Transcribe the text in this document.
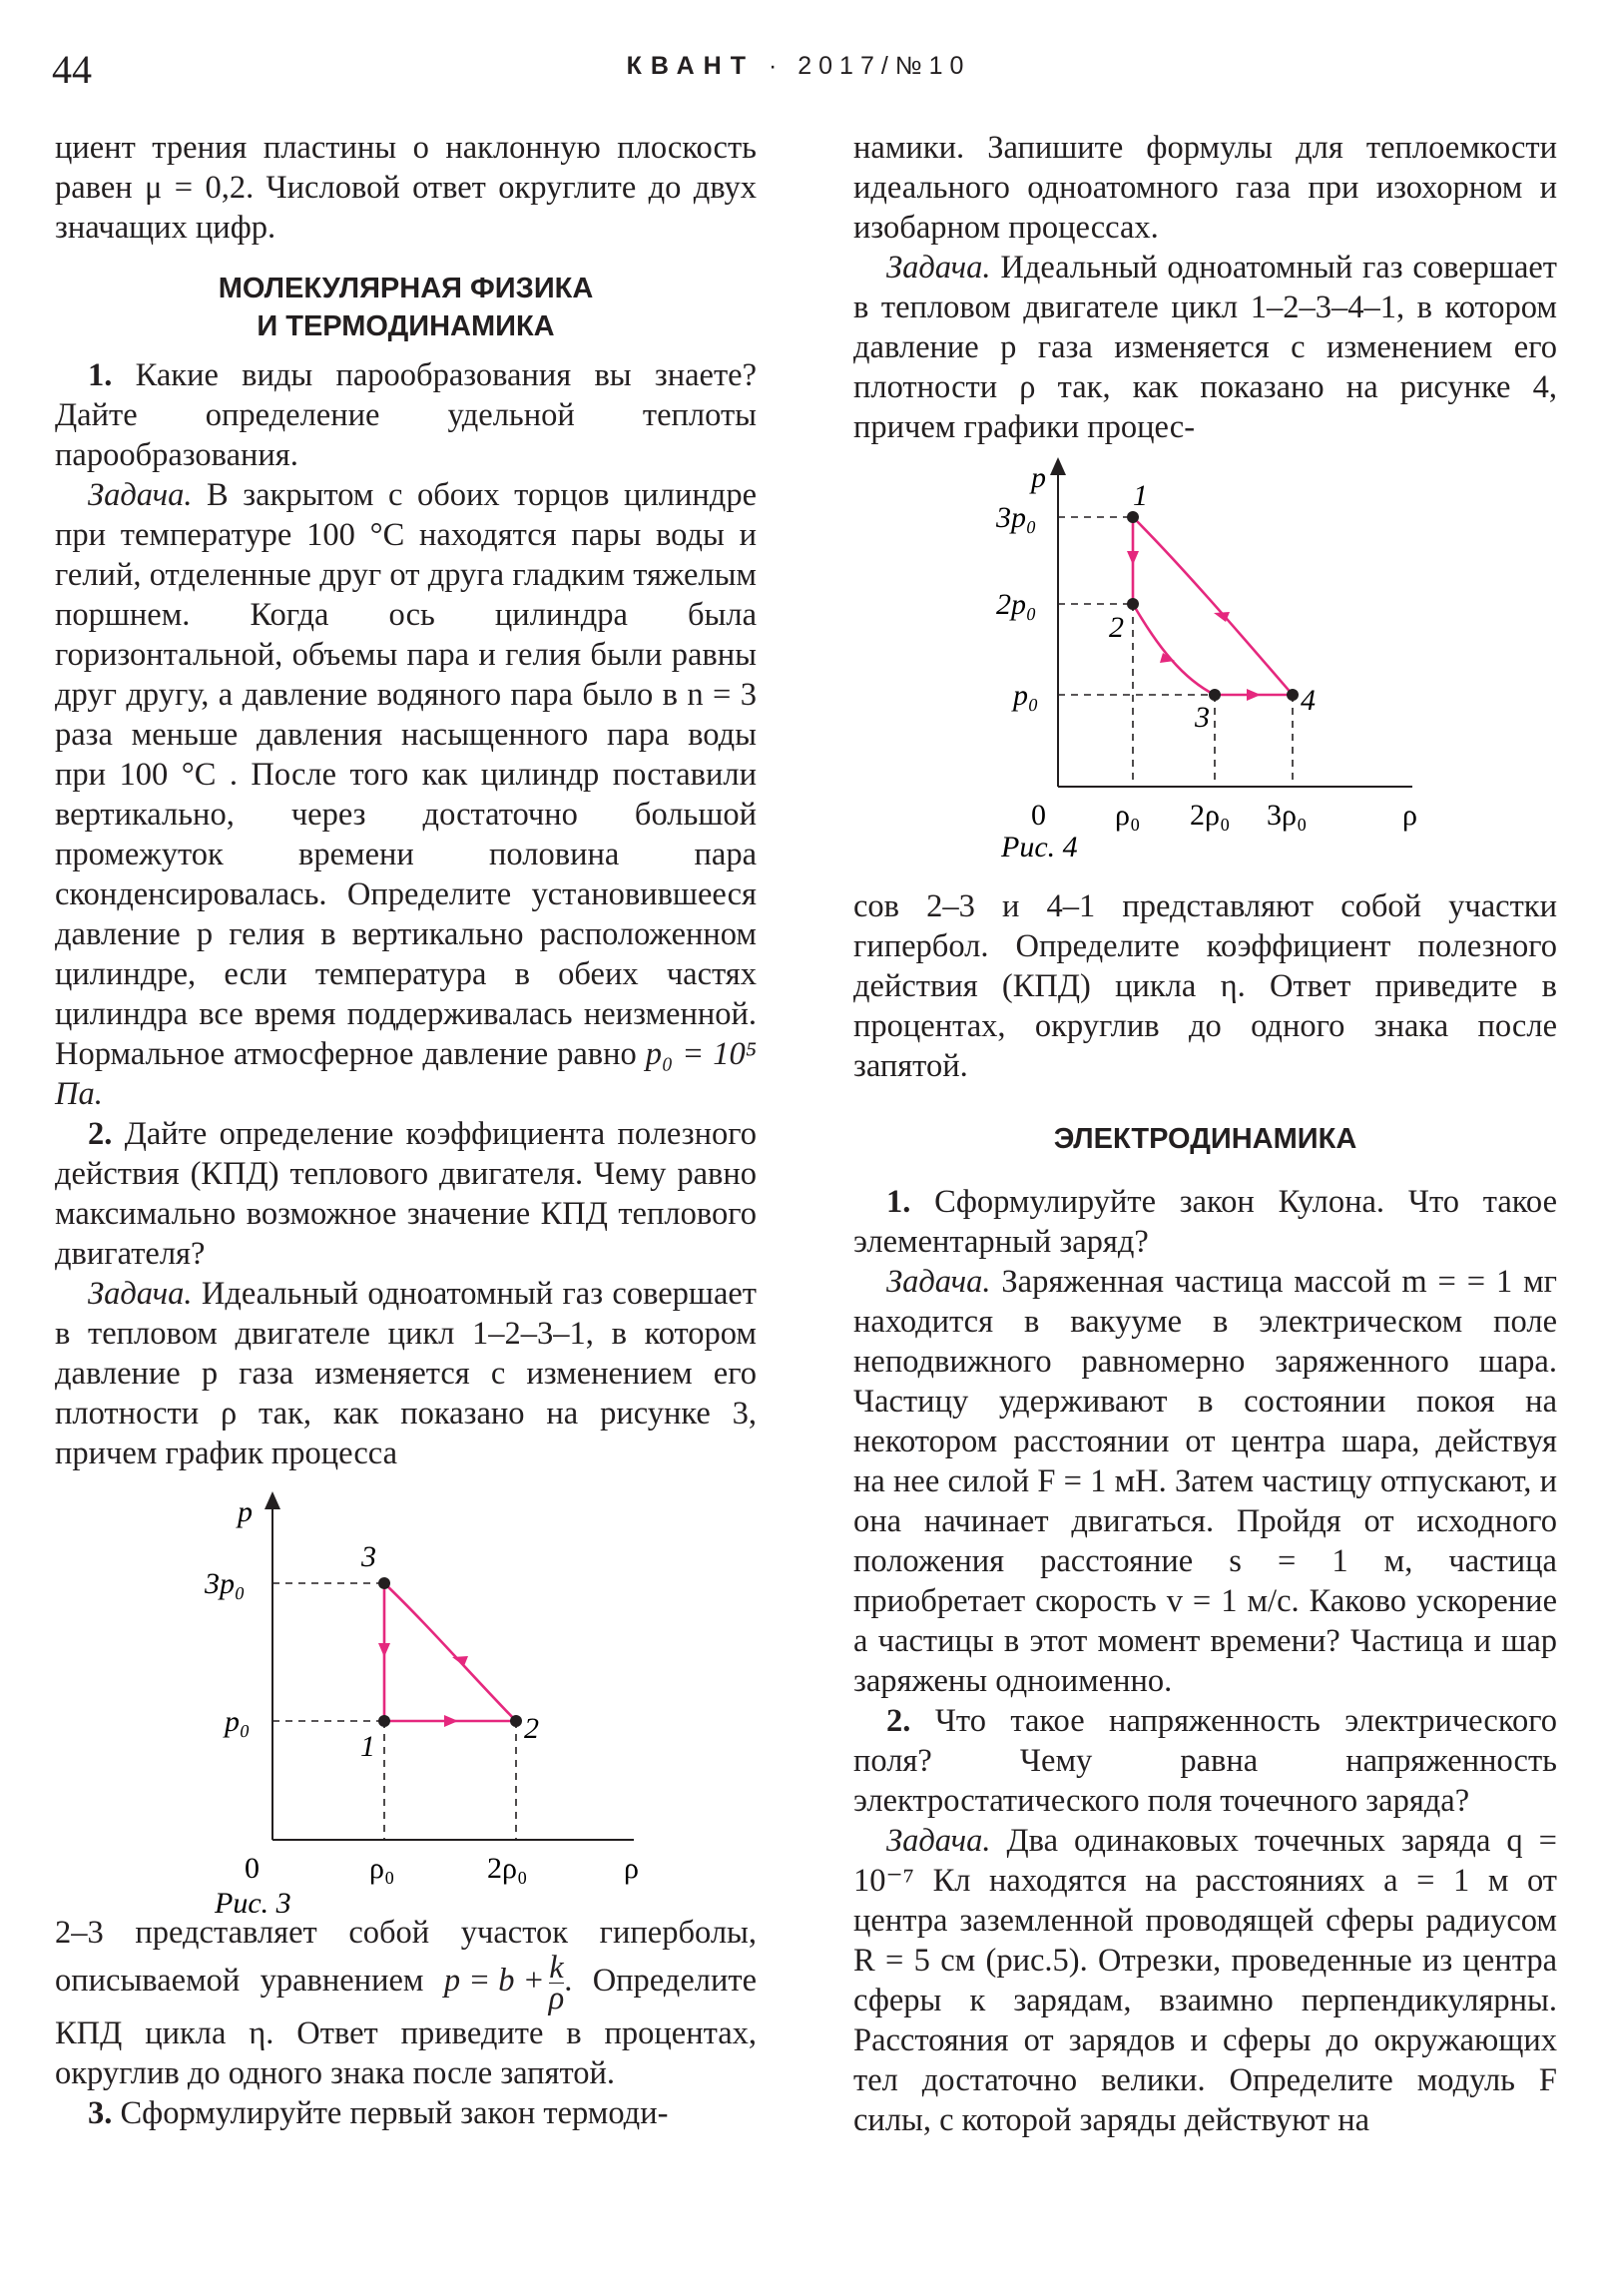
44	КВАНТ · 2017/№10

циент трения пластины о наклонную плоскость равен μ = 0,2. Числовой ответ округлите до двух значащих цифр.

МОЛЕКУЛЯРНАЯ ФИЗИКА

И ТЕРМОДИНАМИКА

1. Какие виды парообразования вы знаете? Дайте определение удельной теплоты парообразования.

Задача. В закрытом с обоих торцов цилиндре при температуре 100 °С находятся пары воды и гелий, отделенные друг от друга гладким тяжелым поршнем. Когда ось цилиндра была горизонтальной, объемы пара и гелия были равны друг другу, а давление водяного пара было в n = 3 раза меньше давления насыщенного пара воды при 100 °С . После того как цилиндр поставили вертикально, через достаточно большой промежуток времени половина пара сконденсировалась. Определите установившееся давление p гелия в вертикально расположенном цилиндре, если температура в обеих частях цилиндра все время поддерживалась неизменной. Нормальное атмосферное давление равно p₀ = 10⁵ Па.

2. Дайте определение коэффициента полезного действия (КПД) теплового двигателя. Чему равно максимально возможное значение КПД теплового двигателя?

Задача. Идеальный одноатомный газ совершает в тепловом двигателе цикл 1–2–3–1, в котором давление p газа изменяется с изменением его плотности ρ так, как показано на рисунке 3, причем график процесса

p
ρ
0
3p₀
p₀
ρ₀	2ρ₀
3
1
2
Рис. 3

2–3 представляет собой участок гиперболы, описываемой уравнением $p = b + \frac{k}{\rho}$ . Определите КПД цикла η. Ответ приведите в процентах, округлив до одного знака после запятой.

3. Сформулируйте первый закон термоди-

намики. Запишите формулы для теплоемкости идеального одноатомного газа при изохорном и изобарном процессах.

Задача. Идеальный одноатомный газ совершает в тепловом двигателе цикл 1–2–3–4–1, в котором давление p газа изменяется с изменением его плотности ρ так, как показано на рисунке 4, причем графики процес-

p
ρ
0
3p₀
2p₀
p₀
ρ₀ 2ρ₀ 3ρ₀
1
2
3
4
Рис. 4

сов 2–3 и 4–1 представляют собой участки гипербол. Определите коэффициент полезного действия (КПД) цикла η. Ответ приведите в процентах, округлив до одного знака после запятой.

ЭЛЕКТРОДИНАМИКА

1. Сформулируйте закон Кулона. Что такое элементарный заряд?

Задача. Заряженная частица массой m = = 1 мг находится в вакууме в электрическом поле неподвижного равномерно заряженного шара. Частицу удерживают в состоянии покоя на некотором расстоянии от центра шара, действуя на нее силой F = 1 мН. Затем частицу отпускают, и она начинает двигаться. Пройдя от исходного положения расстояние s = 1 м, частица приобретает скорость v = 1 м/с. Каково ускорение a частицы в этот момент времени? Частица и шар заряжены одноименно.

2. Что такое напряженность электрического поля? Чему равна напряженность электростатического поля точечного заряда?

Задача. Два одинаковых точечных заряда q = 10⁻⁷ Кл находятся на расстояниях a = 1 м от центра заземленной проводящей сферы радиусом R = 5 см (рис.5). Отрезки, проведенные из центра сферы к зарядам, взаимно перпендикулярны. Расстояния от зарядов и сферы до окружающих тел достаточно велики. Определите модуль F силы, с которой заряды действуют на
